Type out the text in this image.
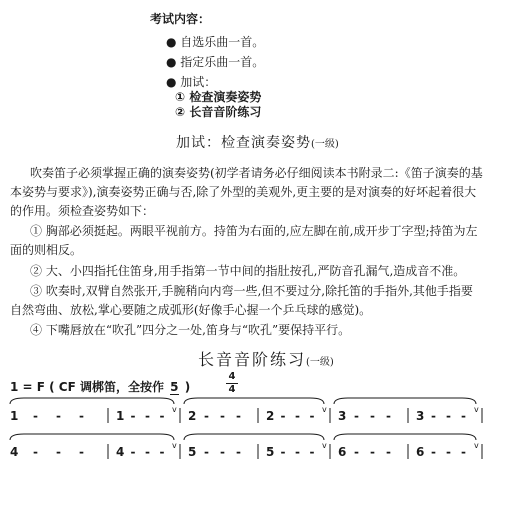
考试内容：
● 自选乐曲一首。
● 指定乐曲一首。
● 加试：
① 检查演奏姿势
② 长音音阶练习
加试：检查演奏姿势(一级)
吹奏笛子必须掌握正确的演奏姿势(初学者请务必仔细阅读本书附录二:《笛子演奏的基
本姿势与要求》),演奏姿势正确与否,除了外型的美观外,更主要的是对演奏的好坏起着很大
的作用。须检查姿势如下：
① 胸部必须挺起。两眼平视前方。持笛为右面的,应左脚在前,成开步丁字型;持笛为左
面的则相反。
② 大、小四指托住笛身,用手指第一节中间的指肚按孔,严防音孔漏气,造成音不准。
③ 吹奏时,双臂自然张开,手腕稍向内弯一些,但不要过分,除托笛的手指外,其他手指要
自然弯曲、放松,掌心要随之成弧形(好像手心握一个乒乓球的感觉)。
④ 下嘴唇放在“吹孔”四分之一处,笛身与“吹孔”要保持平行。
长音音阶练习(一级)
1 = F ( CF 调梆笛，全按作 5 )
4
4
1 - - -	1 - - - v 2 - - - 2 - - - v 3 - - - 3 - - - v
4 - - -	4 - - - v 5 - - - 5 - - - v 6 - - - 6 - - - v
